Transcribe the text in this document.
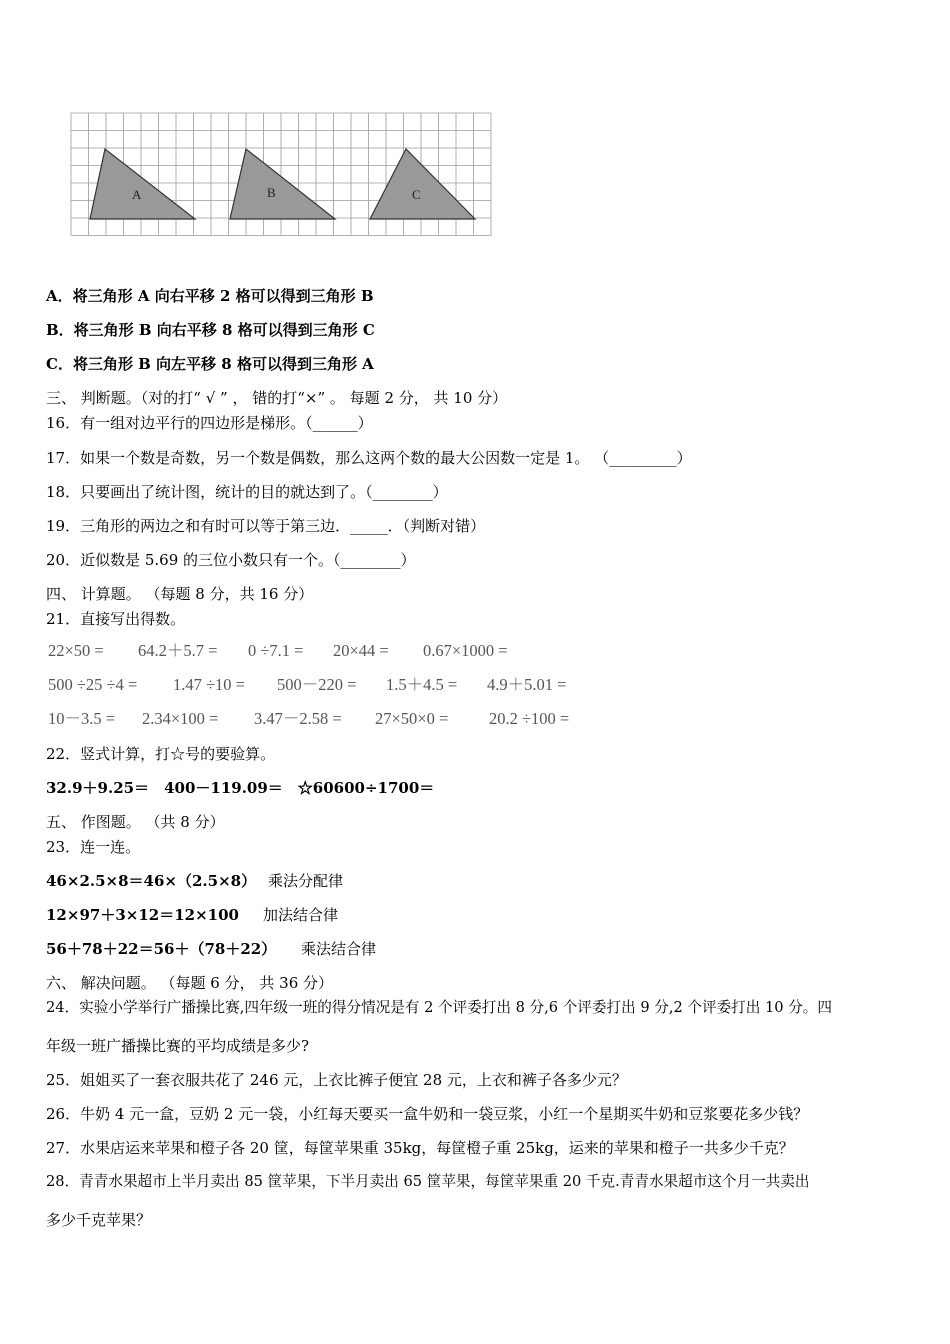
A	B	C
A．将三角形 A 向右平移 2 格可以得到三角形 B
B．将三角形 B 向右平移 8 格可以得到三角形 C
C．将三角形 B 向左平移 8 格可以得到三角形 A
三、 判断题。（对的打“ √ ” ， 错的打“×” 。 每题 2 分， 共 10 分）
16．有一组对边平行的四边形是梯形。（______）
17．如果一个数是奇数，另一个数是偶数，那么这两个数的最大公因数一定是 1。 （_________）
18．只要画出了统计图，统计的目的就达到了。（________）
19．三角形的两边之和有时可以等于第三边．_____．（判断对错）
20．近似数是 5.69 的三位小数只有一个。（________）
四、 计算题。 （每题 8 分，共 16 分）
21．直接写出得数。
22×50 = 64.2＋5.7 = 0 ÷7.1 = 20×44 = 0.67×1000 =
500 ÷25 ÷4 = 1.47 ÷10 = 500－220 = 1.5＋4.5 = 4.9＋5.01 =
10－3.5 = 2.34×100 = 3.47－2.58 = 27×50×0 = 20.2 ÷100 =
22．竖式计算，打☆号的要验算。
32.9＋9.25＝　400－119.09＝　☆60600÷1700＝
五、 作图题。 （共 8 分）
23．连一连。
46×2.5×8＝46×（2.5×8） 乘法分配律
12×97＋3×12＝12×100 加法结合律
56＋78＋22＝56＋（78＋22） 乘法结合律
六、 解决问题。 （每题 6 分， 共 36 分）
24．实验小学举行广播操比赛,四年级一班的得分情况是有 2 个评委打出 8 分,6 个评委打出 9 分,2 个评委打出 10 分。四
年级一班广播操比赛的平均成绩是多少?
25．姐姐买了一套衣服共花了 246 元，上衣比裤子便宜 28 元，上衣和裤子各多少元？
26．牛奶 4 元一盒，豆奶 2 元一袋，小红每天要买一盒牛奶和一袋豆浆，小红一个星期买牛奶和豆浆要花多少钱？
27．水果店运来苹果和橙子各 20 筐，每筐苹果重 35kg，每筐橙子重 25kg，运来的苹果和橙子一共多少千克？
28．青青水果超市上半月卖出 85 筐苹果，下半月卖出 65 筐苹果，每筐苹果重 20 千克.青青水果超市这个月一共卖出
多少千克苹果？
